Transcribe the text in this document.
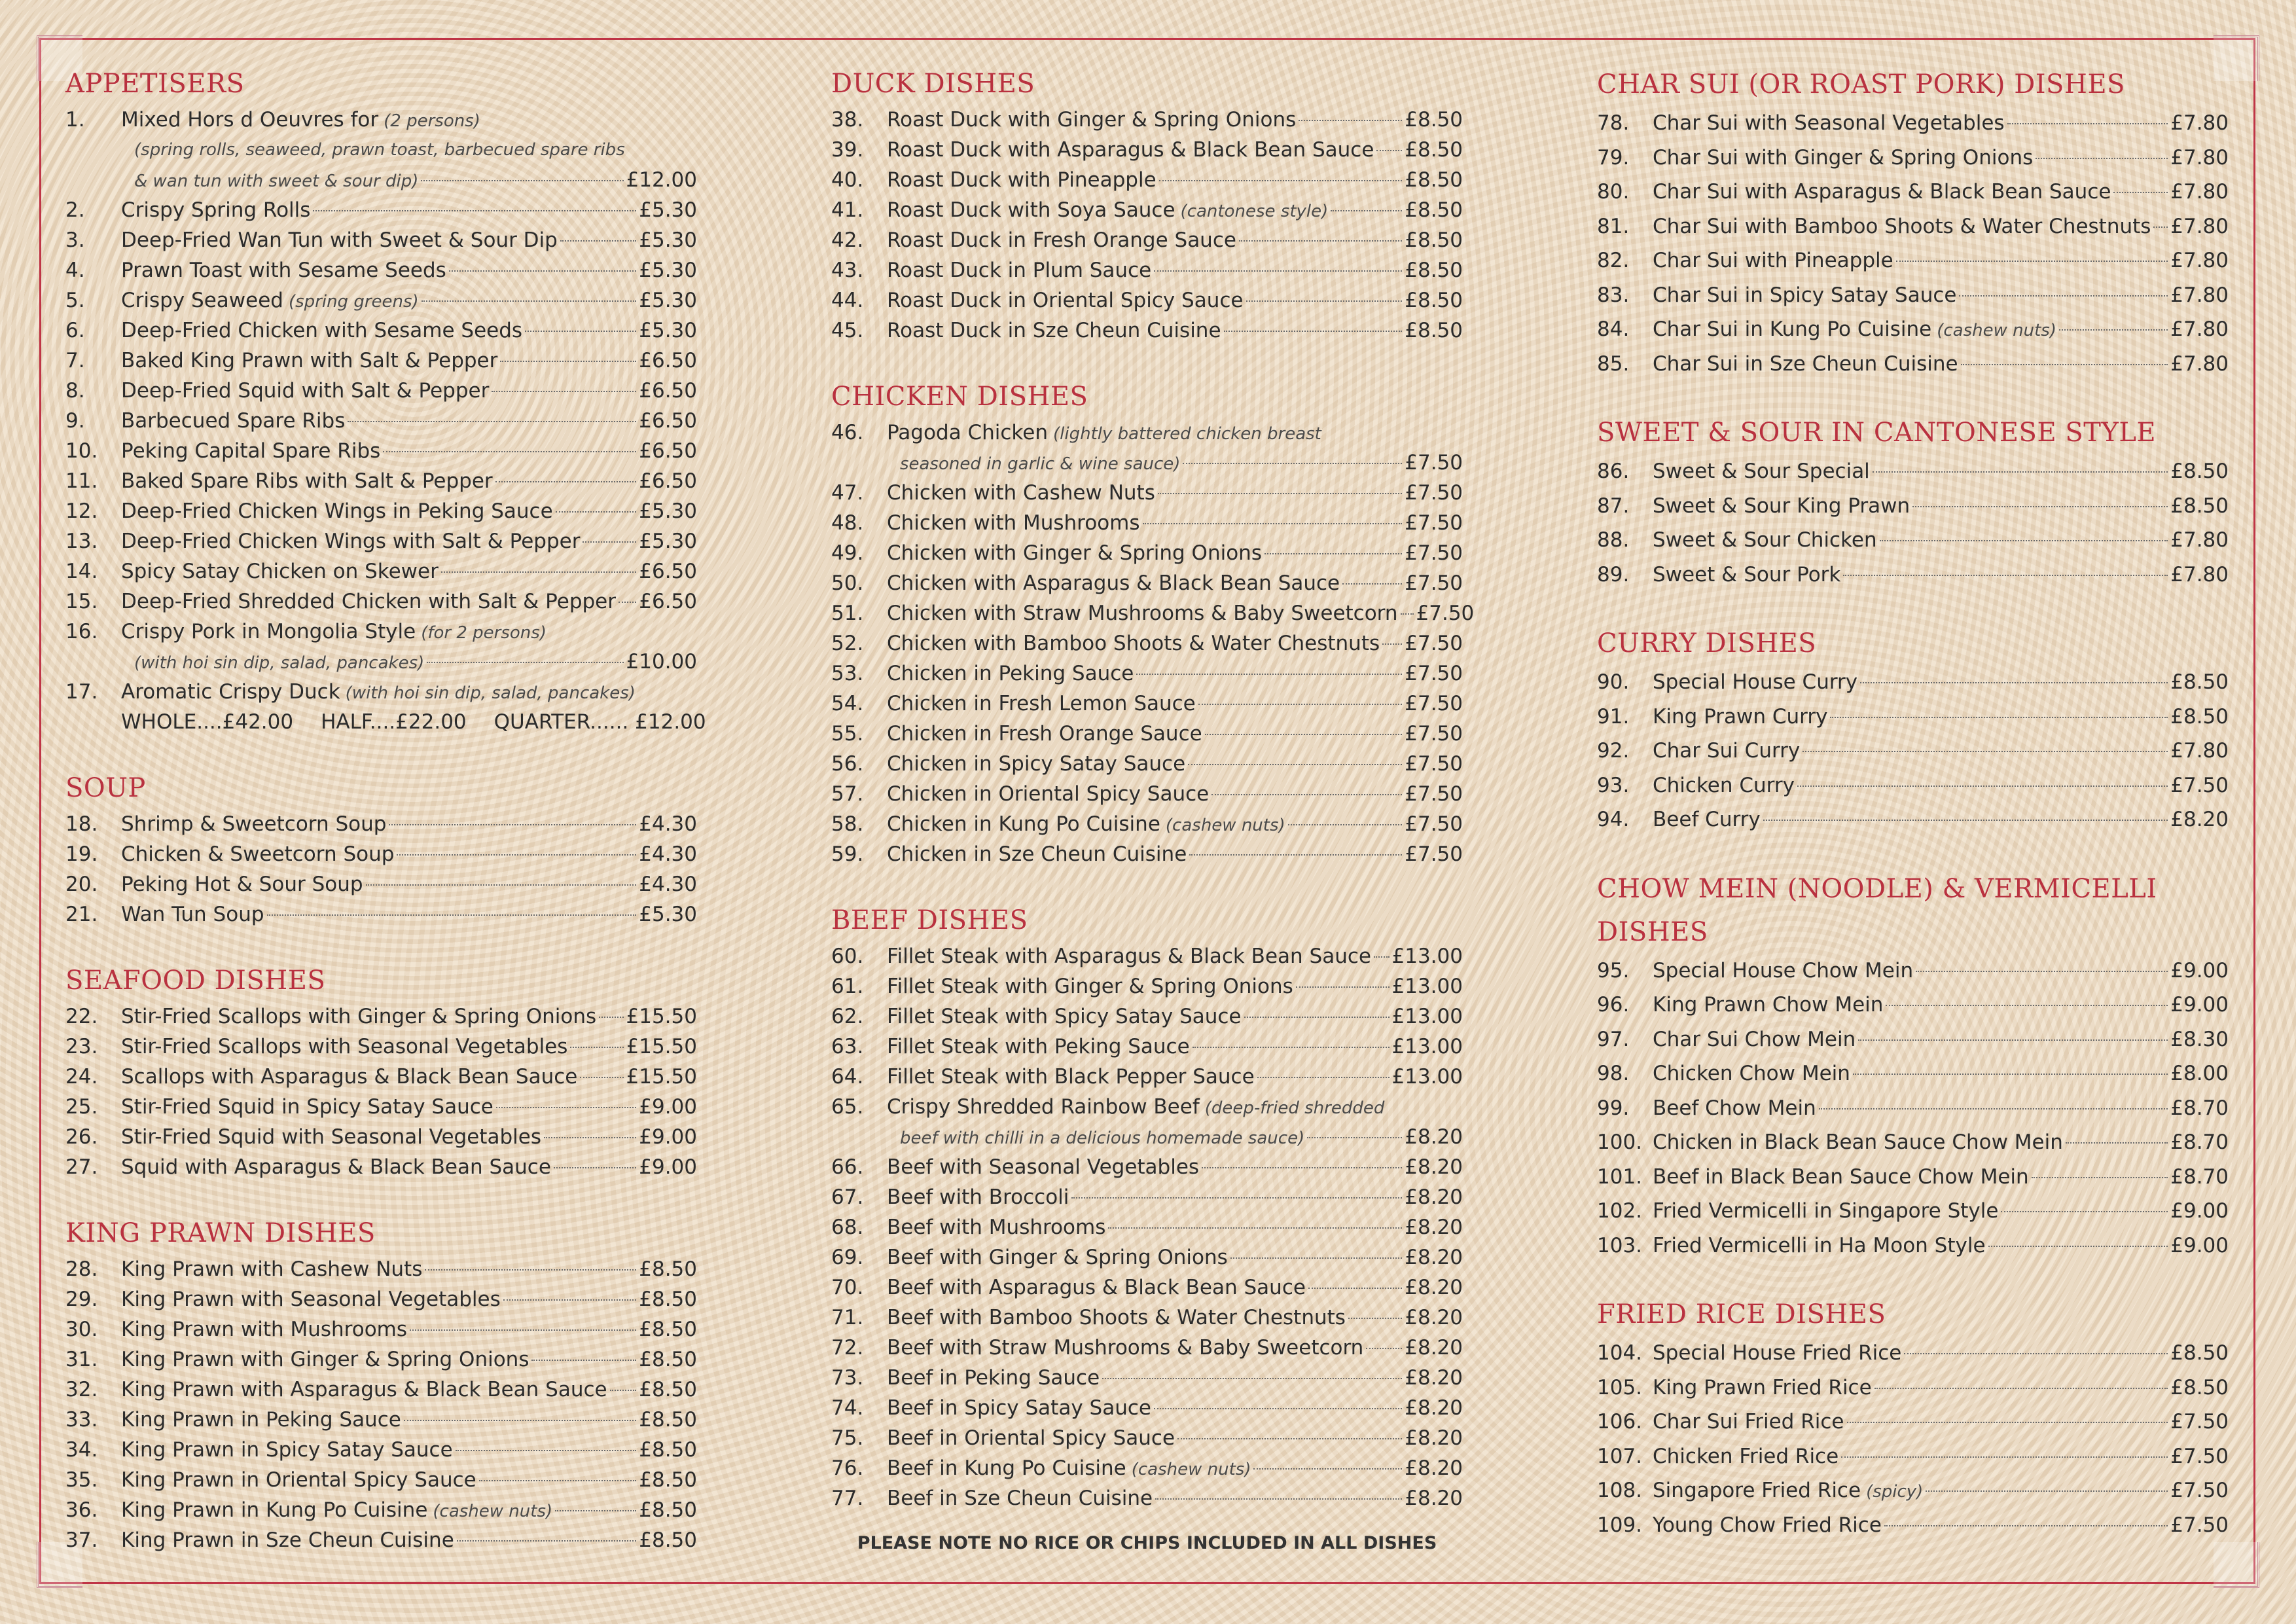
APPETISERS
1.	Mixed Hors d Oeuvres for (2 persons)
(spring rolls, seaweed, prawn toast, barbecued spare ribs
& wan tun with sweet & sour dip)	£12.00
2.	Crispy Spring Rolls	£5.30
3.	Deep-Fried Wan Tun with Sweet & Sour Dip	£5.30
4.	Prawn Toast with Sesame Seeds	£5.30
5.	Crispy Seaweed (spring greens)	£5.30
6.	Deep-Fried Chicken with Sesame Seeds	£5.30
7.	Baked King Prawn with Salt & Pepper	£6.50
8.	Deep-Fried Squid with Salt & Pepper	£6.50
9.	Barbecued Spare Ribs	£6.50
10.	Peking Capital Spare Ribs	£6.50
11.	Baked Spare Ribs with Salt & Pepper	£6.50
12.	Deep-Fried Chicken Wings in Peking Sauce	£5.30
13.	Deep-Fried Chicken Wings with Salt & Pepper	£5.30
14.	Spicy Satay Chicken on Skewer	£6.50
15.	Deep-Fried Shredded Chicken with Salt & Pepper £6.50
16.	Crispy Pork in Mongolia Style (for 2 persons)
(with hoi sin dip, salad, pancakes)	£10.00
17.	Aromatic Crispy Duck (with hoi sin dip, salad, pancakes)
WHOLE....£42.00 HALF....£22.00 QUARTER...... £12.00
SOUP
18.	Shrimp & Sweetcorn Soup	£4.30
19.	Chicken & Sweetcorn Soup	£4.30
20.	Peking Hot & Sour Soup	£4.30
21.	Wan Tun Soup	£5.30
SEAFOOD DISHES
22.	Stir-Fried Scallops with Ginger & Spring Onions £15.50
23.	Stir-Fried Scallops with Seasonal Vegetables	£15.50
24.	Scallops with Asparagus & Black Bean Sauce £15.50
25.	Stir-Fried Squid in Spicy Satay Sauce	£9.00
26.	Stir-Fried Squid with Seasonal Vegetables	£9.00
27.	Squid with Asparagus & Black Bean Sauce	£9.00
KING PRAWN DISHES
28.	King Prawn with Cashew Nuts	£8.50
29.	King Prawn with Seasonal Vegetables	£8.50
30.	King Prawn with Mushrooms	£8.50
31.	King Prawn with Ginger & Spring Onions	£8.50
32.	King Prawn with Asparagus & Black Bean Sauce £8.50
33.	King Prawn in Peking Sauce	£8.50
34.	King Prawn in Spicy Satay Sauce	£8.50
35.	King Prawn in Oriental Spicy Sauce	£8.50
36.	King Prawn in Kung Po Cuisine (cashew nuts)	£8.50
37.	King Prawn in Sze Cheun Cuisine	£8.50
DUCK DISHES
38.	Roast Duck with Ginger & Spring Onions	£8.50
39.	Roast Duck with Asparagus & Black Bean Sauce £8.50
40.	Roast Duck with Pineapple	£8.50
41.	Roast Duck with Soya Sauce (cantonese style)	£8.50
42.	Roast Duck in Fresh Orange Sauce	£8.50
43.	Roast Duck in Plum Sauce	£8.50
44.	Roast Duck in Oriental Spicy Sauce	£8.50
45.	Roast Duck in Sze Cheun Cuisine	£8.50
CHICKEN DISHES
46.	Pagoda Chicken (lightly battered chicken breast
seasoned in garlic & wine sauce)	£7.50
47.	Chicken with Cashew Nuts	£7.50
48.	Chicken with Mushrooms	£7.50
49.	Chicken with Ginger & Spring Onions	£7.50
50.	Chicken with Asparagus & Black Bean Sauce	£7.50
51.	Chicken with Straw Mushrooms & Baby Sweetcorn £7.50
52.	Chicken with Bamboo Shoots & Water Chestnuts £7.50
53.	Chicken in Peking Sauce	£7.50
54.	Chicken in Fresh Lemon Sauce	£7.50
55.	Chicken in Fresh Orange Sauce	£7.50
56.	Chicken in Spicy Satay Sauce	£7.50
57.	Chicken in Oriental Spicy Sauce	£7.50
58.	Chicken in Kung Po Cuisine (cashew nuts)	£7.50
59.	Chicken in Sze Cheun Cuisine	£7.50
BEEF DISHES
60.	Fillet Steak with Asparagus & Black Bean Sauce £13.00
61.	Fillet Steak with Ginger & Spring Onions	£13.00
62.	Fillet Steak with Spicy Satay Sauce	£13.00
63.	Fillet Steak with Peking Sauce	£13.00
64.	Fillet Steak with Black Pepper Sauce	£13.00
65.	Crispy Shredded Rainbow Beef (deep-fried shredded
beef with chilli in a delicious homemade sauce)	£8.20
66.	Beef with Seasonal Vegetables	£8.20
67.	Beef with Broccoli	£8.20
68.	Beef with Mushrooms	£8.20
69.	Beef with Ginger & Spring Onions	£8.20
70.	Beef with Asparagus & Black Bean Sauce	£8.20
71.	Beef with Bamboo Shoots & Water Chestnuts	£8.20
72.	Beef with Straw Mushrooms & Baby Sweetcorn £8.20
73.	Beef in Peking Sauce	£8.20
74.	Beef in Spicy Satay Sauce	£8.20
75.	Beef in Oriental Spicy Sauce	£8.20
76.	Beef in Kung Po Cuisine (cashew nuts)	£8.20
77.	Beef in Sze Cheun Cuisine	£8.20
CHAR SUI (OR ROAST PORK) DISHES
78.	Char Sui with Seasonal Vegetables	£7.80
79.	Char Sui with Ginger & Spring Onions	£7.80
80.	Char Sui with Asparagus & Black Bean Sauce	£7.80
81.	Char Sui with Bamboo Shoots & Water Chestnuts £7.80
82.	Char Sui with Pineapple	£7.80
83.	Char Sui in Spicy Satay Sauce	£7.80
84.	Char Sui in Kung Po Cuisine (cashew nuts)	£7.80
85.	Char Sui in Sze Cheun Cuisine	£7.80
SWEET & SOUR IN CANTONESE STYLE
86.	Sweet & Sour Special	£8.50
87.	Sweet & Sour King Prawn	£8.50
88.	Sweet & Sour Chicken	£7.80
89.	Sweet & Sour Pork	£7.80
CURRY DISHES
90.	Special House Curry	£8.50
91.	King Prawn Curry	£8.50
92.	Char Sui Curry	£7.80
93.	Chicken Curry	£7.50
94.	Beef Curry	£8.20
CHOW MEIN (NOODLE) & VERMICELLI
DISHES
95.	Special House Chow Mein	£9.00
96.	King Prawn Chow Mein	£9.00
97.	Char Sui Chow Mein	£8.30
98.	Chicken Chow Mein	£8.00
99.	Beef Chow Mein	£8.70
100. Chicken in Black Bean Sauce Chow Mein	£8.70
101. Beef in Black Bean Sauce Chow Mein	£8.70
102. Fried Vermicelli in Singapore Style	£9.00
103. Fried Vermicelli in Ha Moon Style	£9.00
FRIED RICE DISHES
104. Special House Fried Rice	£8.50
105. King Prawn Fried Rice	£8.50
106. Char Sui Fried Rice	£7.50
107. Chicken Fried Rice	£7.50
108. Singapore Fried Rice (spicy)	£7.50
109. Young Chow Fried Rice	£7.50
PLEASE NOTE NO RICE OR CHIPS INCLUDED IN ALL DISHES
